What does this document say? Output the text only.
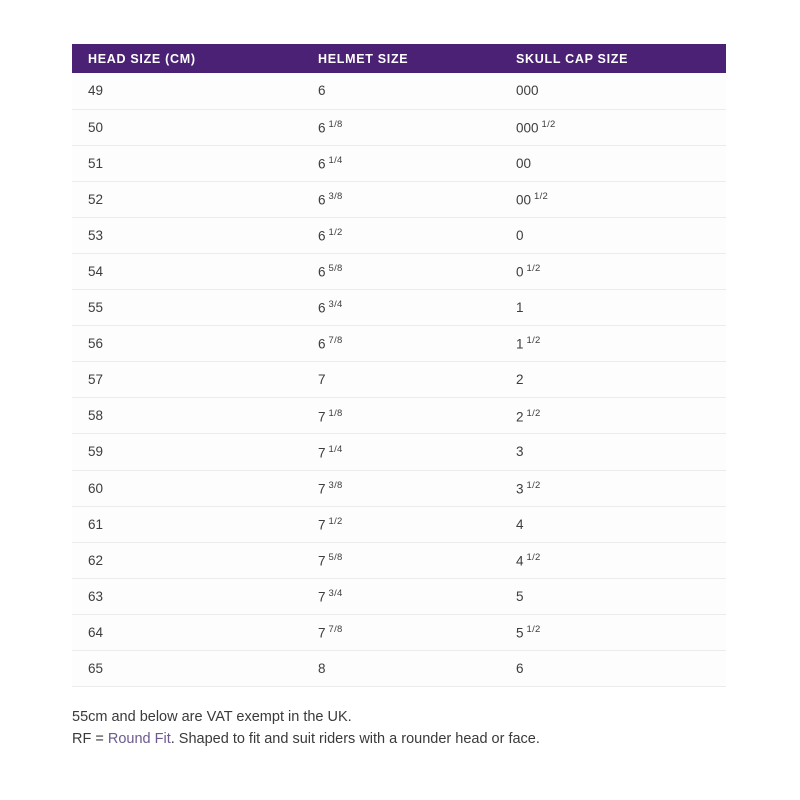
HEAD SIZE (CM)	HELMET SIZE	SKULL CAP SIZE
49	6	000
50	6 $^{1/8}$	000 $^{1/2}$
51	6 $^{1/4}$	00
52	6 $^{3/8}$	00 $^{1/2}$
53	6 $^{1/2}$	0
54	6 $^{5/8}$	0 $^{1/2}$
55	6 $^{3/4}$	1
56	6 $^{7/8}$	1 $^{1/2}$
57	7	2
58	7 $^{1/8}$	2 $^{1/2}$
59	7 $^{1/4}$	3
60	7 $^{3/8}$	3 $^{1/2}$
61	7 $^{1/2}$	4
62	7 $^{5/8}$	4 $^{1/2}$
63	7 $^{3/4}$	5
64	7 $^{7/8}$	5 $^{1/2}$
65	8	6

55cm and below are VAT exempt in the UK.

RF = Round Fit. Shaped to fit and suit riders with a rounder head or face.
